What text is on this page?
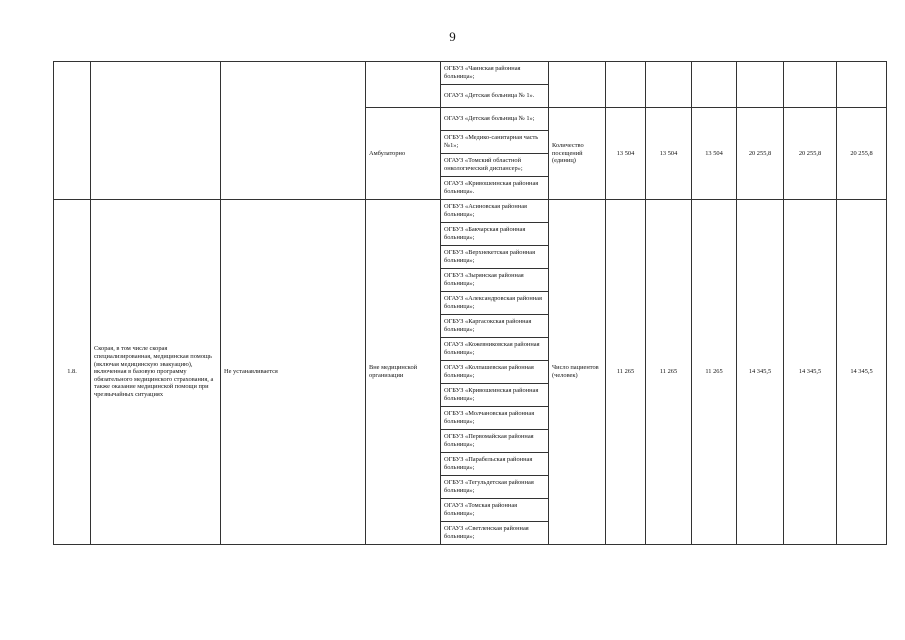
9
				ОГБУЗ «Чаинская районная больница»;							
				ОГАУЗ «Детская больница № 1».							
			Амбулаторно	ОГАУЗ «Детская больница № 1»;	Количество посещений (единиц)	13 504	13 504	13 504	20 255,8	20 255,8	20 255,8
				ОГБУЗ «Медико-санитарная часть №1»;							
				ОГАУЗ «Томский областной онкологический диспансер»;							
				ОГАУЗ «Кривошеинская районная больница».							
1.8.	Скорая, в том числе скорая специализированная, медицинская помощь (включая медицинскую эвакуацию), включенная в базовую программу обязательного медицинского страхования, а также оказание медицинской помощи при чрезвычайных ситуациях	Не устанавливается	Вне медицинской организации	ОГБУЗ «Асиновская районная больница»;	Число пациентов (человек)	11 265	11 265	11 265	14 345,5	14 345,5	14 345,5
				ОГБУЗ «Бакчарская районная больница»;							
				ОГБУЗ «Верхнекетская районная больница»;							
				ОГБУЗ «Зырянская районная больница»;							
				ОГАУЗ «Александровская районная больница»;							
				ОГБУЗ «Каргасокская районная больница»;							
				ОГАУЗ «Кожевниковская районная больница»;							
				ОГАУЗ «Колпашевская районная больница»;							
				ОГБУЗ «Кривошеинская районная больница»;							
				ОГБУЗ «Молчановская районная больница»;							
				ОГБУЗ «Первомайская районная больница»;							
				ОГБУЗ «Парабельская районная больница»;							
				ОГБУЗ «Тегульдетская районная больница»;							
				ОГАУЗ «Томская районная больница»;							
				ОГАУЗ «Светленская районная больница»;							
